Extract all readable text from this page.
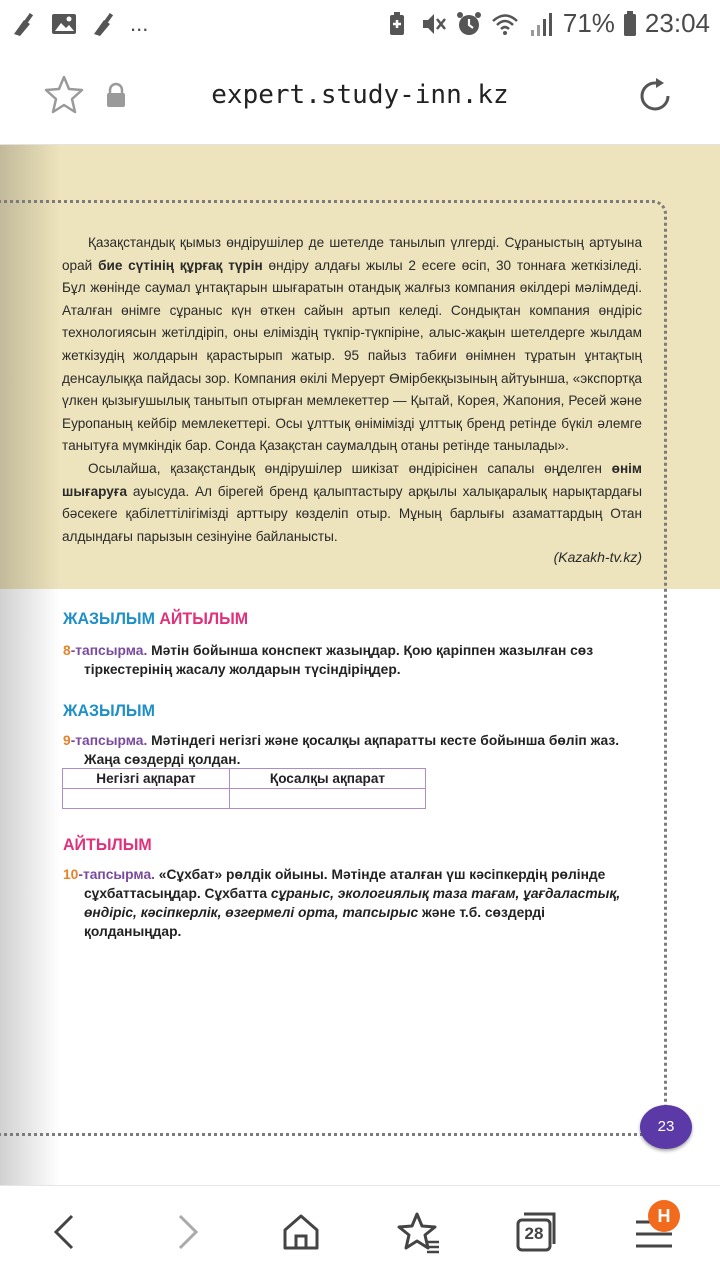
...	71% 23:04
expert.study-inn.kz

Қазақстандық қымыз өндірушілер де шетелде танылып үлгерді. Сұраныстың артуына орай бие сүтінің құрғақ түрін өндіру алдағы жылы 2 есеге өсіп, 30 тоннаға жеткізіледі. Бұл жөнінде саумал ұнтақтарын шығаратын отандық жалғыз компания өкілдері мәлімдеді. Аталған өнімге сұраныс күн өткен сайын артып келеді. Сондықтан компания өндіріс технологиясын жетілдіріп, оны еліміздің түкпір-түкпіріне, алыс-жақын шетелдерге жылдам жеткізудің жолдарын қарастырып жатыр. 95 пайыз табиғи өнімнен тұратын ұнтақтың денсаулыққа пайдасы зор. Компания өкілі Меруерт Өмірбекқызының айтуынша, «экспортқа үлкен қызығушылық танытып отырған мемлекеттер — Қытай, Корея, Жапония, Ресей және Еуропаның кейбір мемлекеттері. Осы ұлттық өнімімізді ұлттық бренд ретінде бүкіл әлемге танытуға мүмкіндік бар. Сонда Қазақстан саумалдың отаны ретінде танылады».

Осылайша, қазақстандық өндірушілер шикізат өндірісінен сапалы өңделген өнім шығаруға ауысуда. Ал бірегей бренд қалыптастыру арқылы халықаралық нарықтардағы бәсекеге қабілеттілігімізді арттыру көзделіп отыр. Мұның барлығы азаматтардың Отан алдындағы парызын сезінуіне байланысты.

(Kazakh-tv.kz)
ЖАЗЫЛЫМ АЙТЫЛЫМ
8-тапсырма. Мәтін бойынша конспект жазыңдар. Қою қаріппен жазылған сөз
тіркестерінің жасалу жолдарын түсіндіріңдер.
ЖАЗЫЛЫМ
9-тапсырма. Мәтіндегі негізгі және қосалқы ақпаратты кесте бойынша бөліп жаз.
Жаңа сөздерді қолдан.
Негізгі ақпарат	Қосалқы ақпарат

АЙТЫЛЫМ
10-тапсырма. «Сұхбат» рөлдік ойыны. Мәтінде аталған үш кәсіпкердің рөлінде
сұхбаттасыңдар. Сұхбатта сұраныс, экологиялық таза тағам, ұағдаластық,
өндіріс, кәсіпкерлік, өзгермелі орта, тапсырыс және т.б. сөздерді қолданыңдар.
23
28
H
